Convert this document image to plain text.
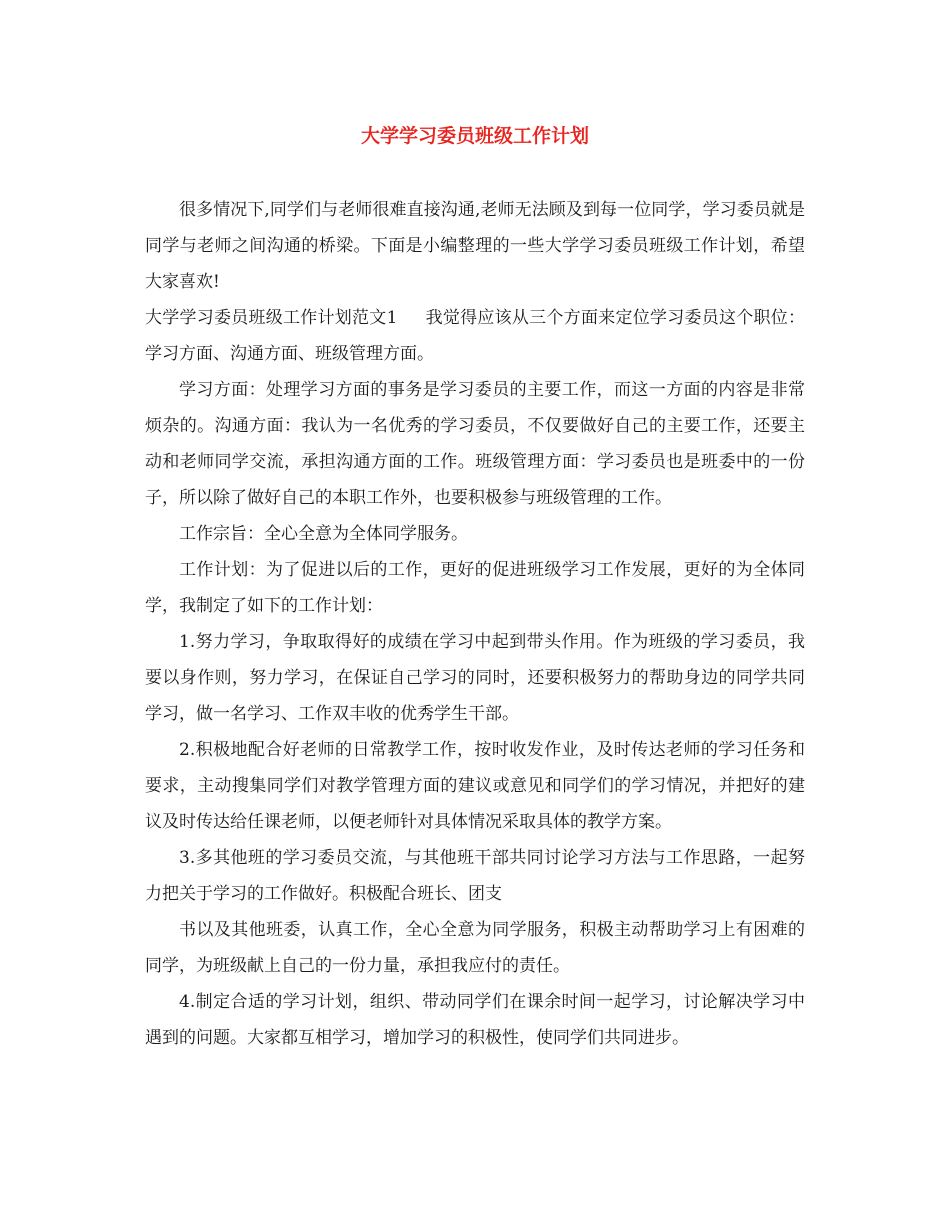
大学学习委员班级工作计划

很多情况下,同学们与老师很难直接沟通,老师无法顾及到每一位同学，学习委员就是同学与老师之间沟通的桥梁。下面是小编整理的一些大学学习委员班级工作计划，希望大家喜欢!

大学学习委员班级工作计划范文1 我觉得应该从三个方面来定位学习委员这个职位：学习方面、沟通方面、班级管理方面。

学习方面：处理学习方面的事务是学习委员的主要工作，而这一方面的内容是非常烦杂的。沟通方面：我认为一名优秀的学习委员，不仅要做好自己的主要工作，还要主动和老师同学交流，承担沟通方面的工作。班级管理方面：学习委员也是班委中的一份子，所以除了做好自己的本职工作外，也要积极参与班级管理的工作。

工作宗旨：全心全意为全体同学服务。

工作计划：为了促进以后的工作，更好的促进班级学习工作发展，更好的为全体同学，我制定了如下的工作计划：

1.努力学习，争取取得好的成绩在学习中起到带头作用。作为班级的学习委员，我要以身作则，努力学习，在保证自己学习的同时，还要积极努力的帮助身边的同学共同学习，做一名学习、工作双丰收的优秀学生干部。

2.积极地配合好老师的日常教学工作，按时收发作业，及时传达老师的学习任务和要求，主动搜集同学们对教学管理方面的建议或意见和同学们的学习情况，并把好的建议及时传达给任课老师，以便老师针对具体情况采取具体的教学方案。

3.多其他班的学习委员交流，与其他班干部共同讨论学习方法与工作思路，一起努力把关于学习的工作做好。积极配合班长、团支

书以及其他班委，认真工作，全心全意为同学服务，积极主动帮助学习上有困难的同学，为班级献上自己的一份力量，承担我应付的责任。

4.制定合适的学习计划，组织、带动同学们在课余时间一起学习，讨论解决学习中遇到的问题。大家都互相学习，增加学习的积极性，使同学们共同进步。
